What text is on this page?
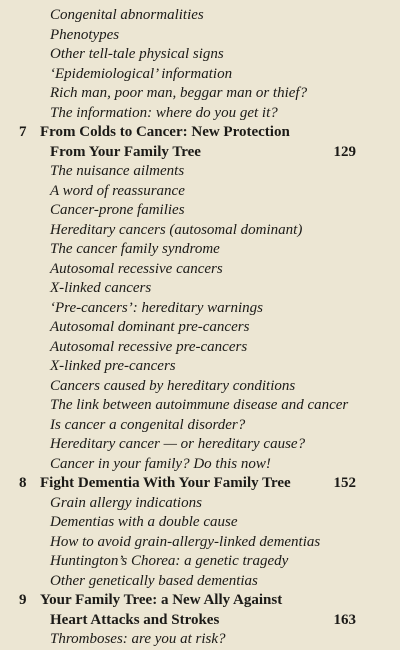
Congenital abnormalities
Phenotypes
Other tell-tale physical signs
‘Epidemiological’ information
Rich man, poor man, beggar man or thief?
The information: where do you get it?
7 From Colds to Cancer: New Protection
From Your Family Tree	129
The nuisance ailments
A word of reassurance
Cancer-prone families
Hereditary cancers (autosomal dominant)
The cancer family syndrome
Autosomal recessive cancers
X-linked cancers
‘Pre-cancers’: hereditary warnings
Autosomal dominant pre-cancers
Autosomal recessive pre-cancers
X-linked pre-cancers
Cancers caused by hereditary conditions
The link between autoimmune disease and cancer
Is cancer a congenital disorder?
Hereditary cancer — or hereditary cause?
Cancer in your family? Do this now!
8 Fight Dementia With Your Family Tree	152
Grain allergy indications
Dementias with a double cause
How to avoid grain-allergy-linked dementias
Huntington’s Chorea: a genetic tragedy
Other genetically based dementias
9 Your Family Tree: a New Ally Against
Heart Attacks and Strokes	163
Thromboses: are you at risk?
